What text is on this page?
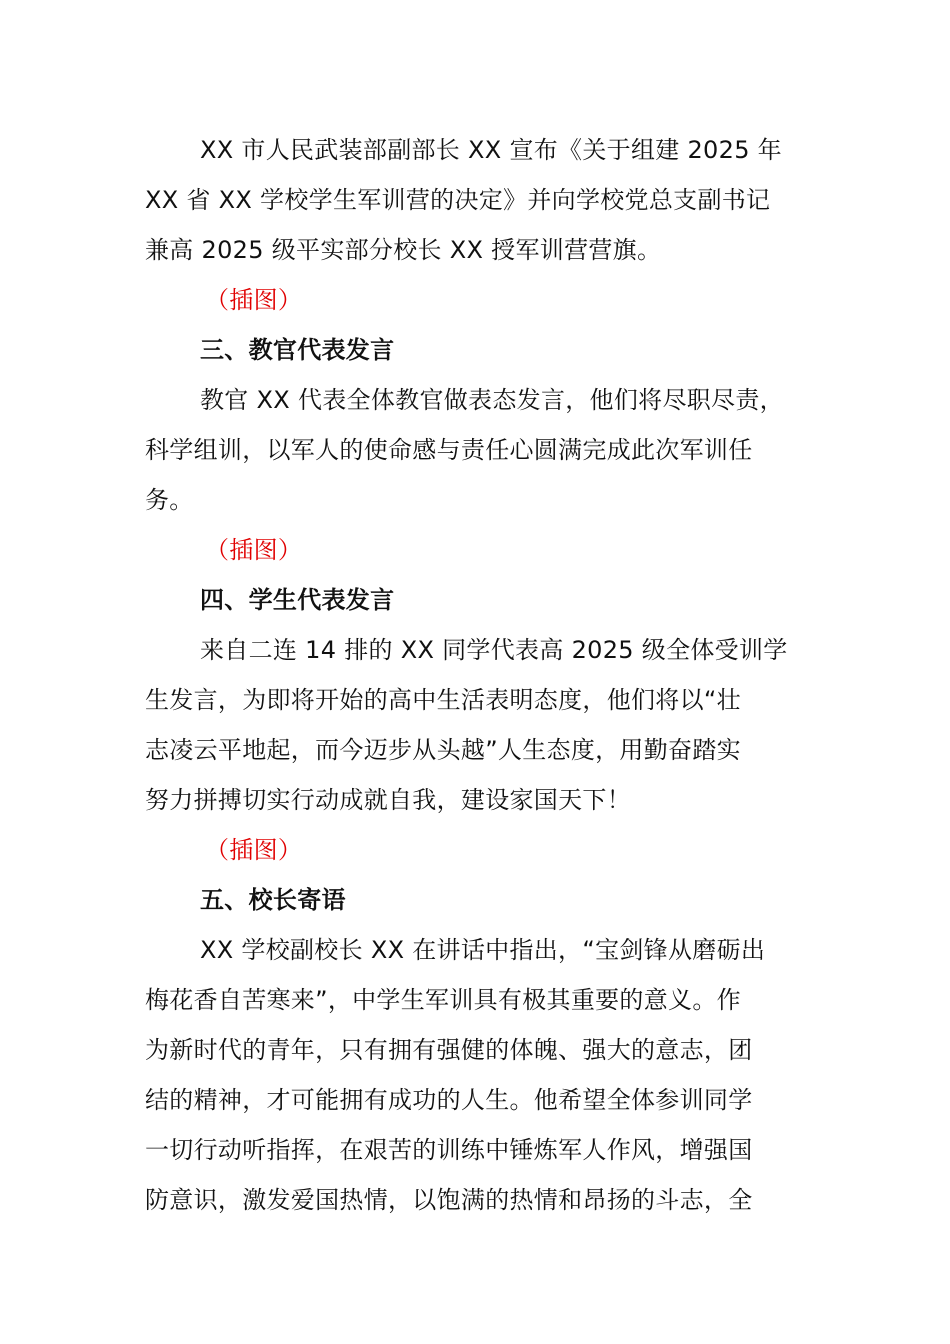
XX 市人民武装部副部长 XX 宣布《关于组建 2025 年
XX 省 XX 学校学生军训营的决定》并向学校党总支副书记
兼高 2025 级平实部分校长 XX 授军训营营旗。
（插图）
三、教官代表发言
教官 XX 代表全体教官做表态发言，他们将尽职尽责，
科学组训，以军人的使命感与责任心圆满完成此次军训任
务。
（插图）
四、学生代表发言
来自二连 14 排的 XX 同学代表高 2025 级全体受训学
生发言，为即将开始的高中生活表明态度，他们将以“壮
志凌云平地起，而今迈步从头越”人生态度，用勤奋踏实
努力拼搏切实行动成就自我，建设家国天下！
（插图）
五、校长寄语
XX 学校副校长 XX 在讲话中指出，“宝剑锋从磨砺出
梅花香自苦寒来”，中学生军训具有极其重要的意义。作
为新时代的青年，只有拥有强健的体魄、强大的意志，团
结的精神，才可能拥有成功的人生。他希望全体参训同学
一切行动听指挥，在艰苦的训练中锤炼军人作风，增强国
防意识，激发爱国热情，以饱满的热情和昂扬的斗志，全
